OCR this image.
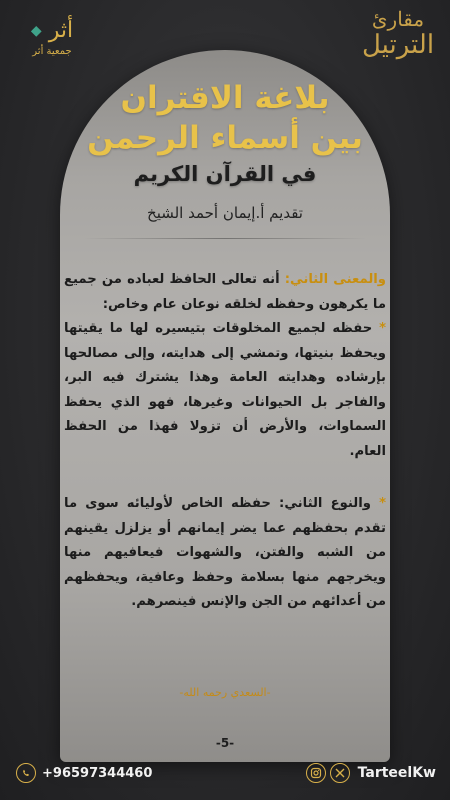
◆ أثر
جمعية أثر
مقارئ
الترتيل
بلاغة الاقتران
بين أسماء الرحمن
في القرآن الكريم
تقديم أ.إيمان أحمد الشيخ
والمعنى الثاني: أنه تعالى الحافظ لعباده من جميع ما يكرهون وحفظه لخلقه نوعان عام وخاص:
* حفظه لجميع المخلوقات بتيسيره لها ما يقيتها ويحفظ بنيتها، وتمشي إلى هدايته، وإلى مصالحها بإرشاده وهدايته العامة وهذا يشترك فيه البر، والفاجر بل الحيوانات وغيرها، فهو الذي يحفظ السماوات، والأرض أن تزولا فهذا من الحفظ العام.
* والنوع الثاني: حفظه الخاص لأوليائه سوى ما تقدم بحفظهم عما يضر إيمانهم أو يزلزل يقينهم من الشبه والفتن، والشهوات فيعافيهم منها ويخرجهم منها بسلامة وحفظ وعافية، ويحفظهم من أعدائهم من الجن والإنس فينصرهم.
-السعدي رحمه الله-
-5-
+96597344460	TarteelKw
